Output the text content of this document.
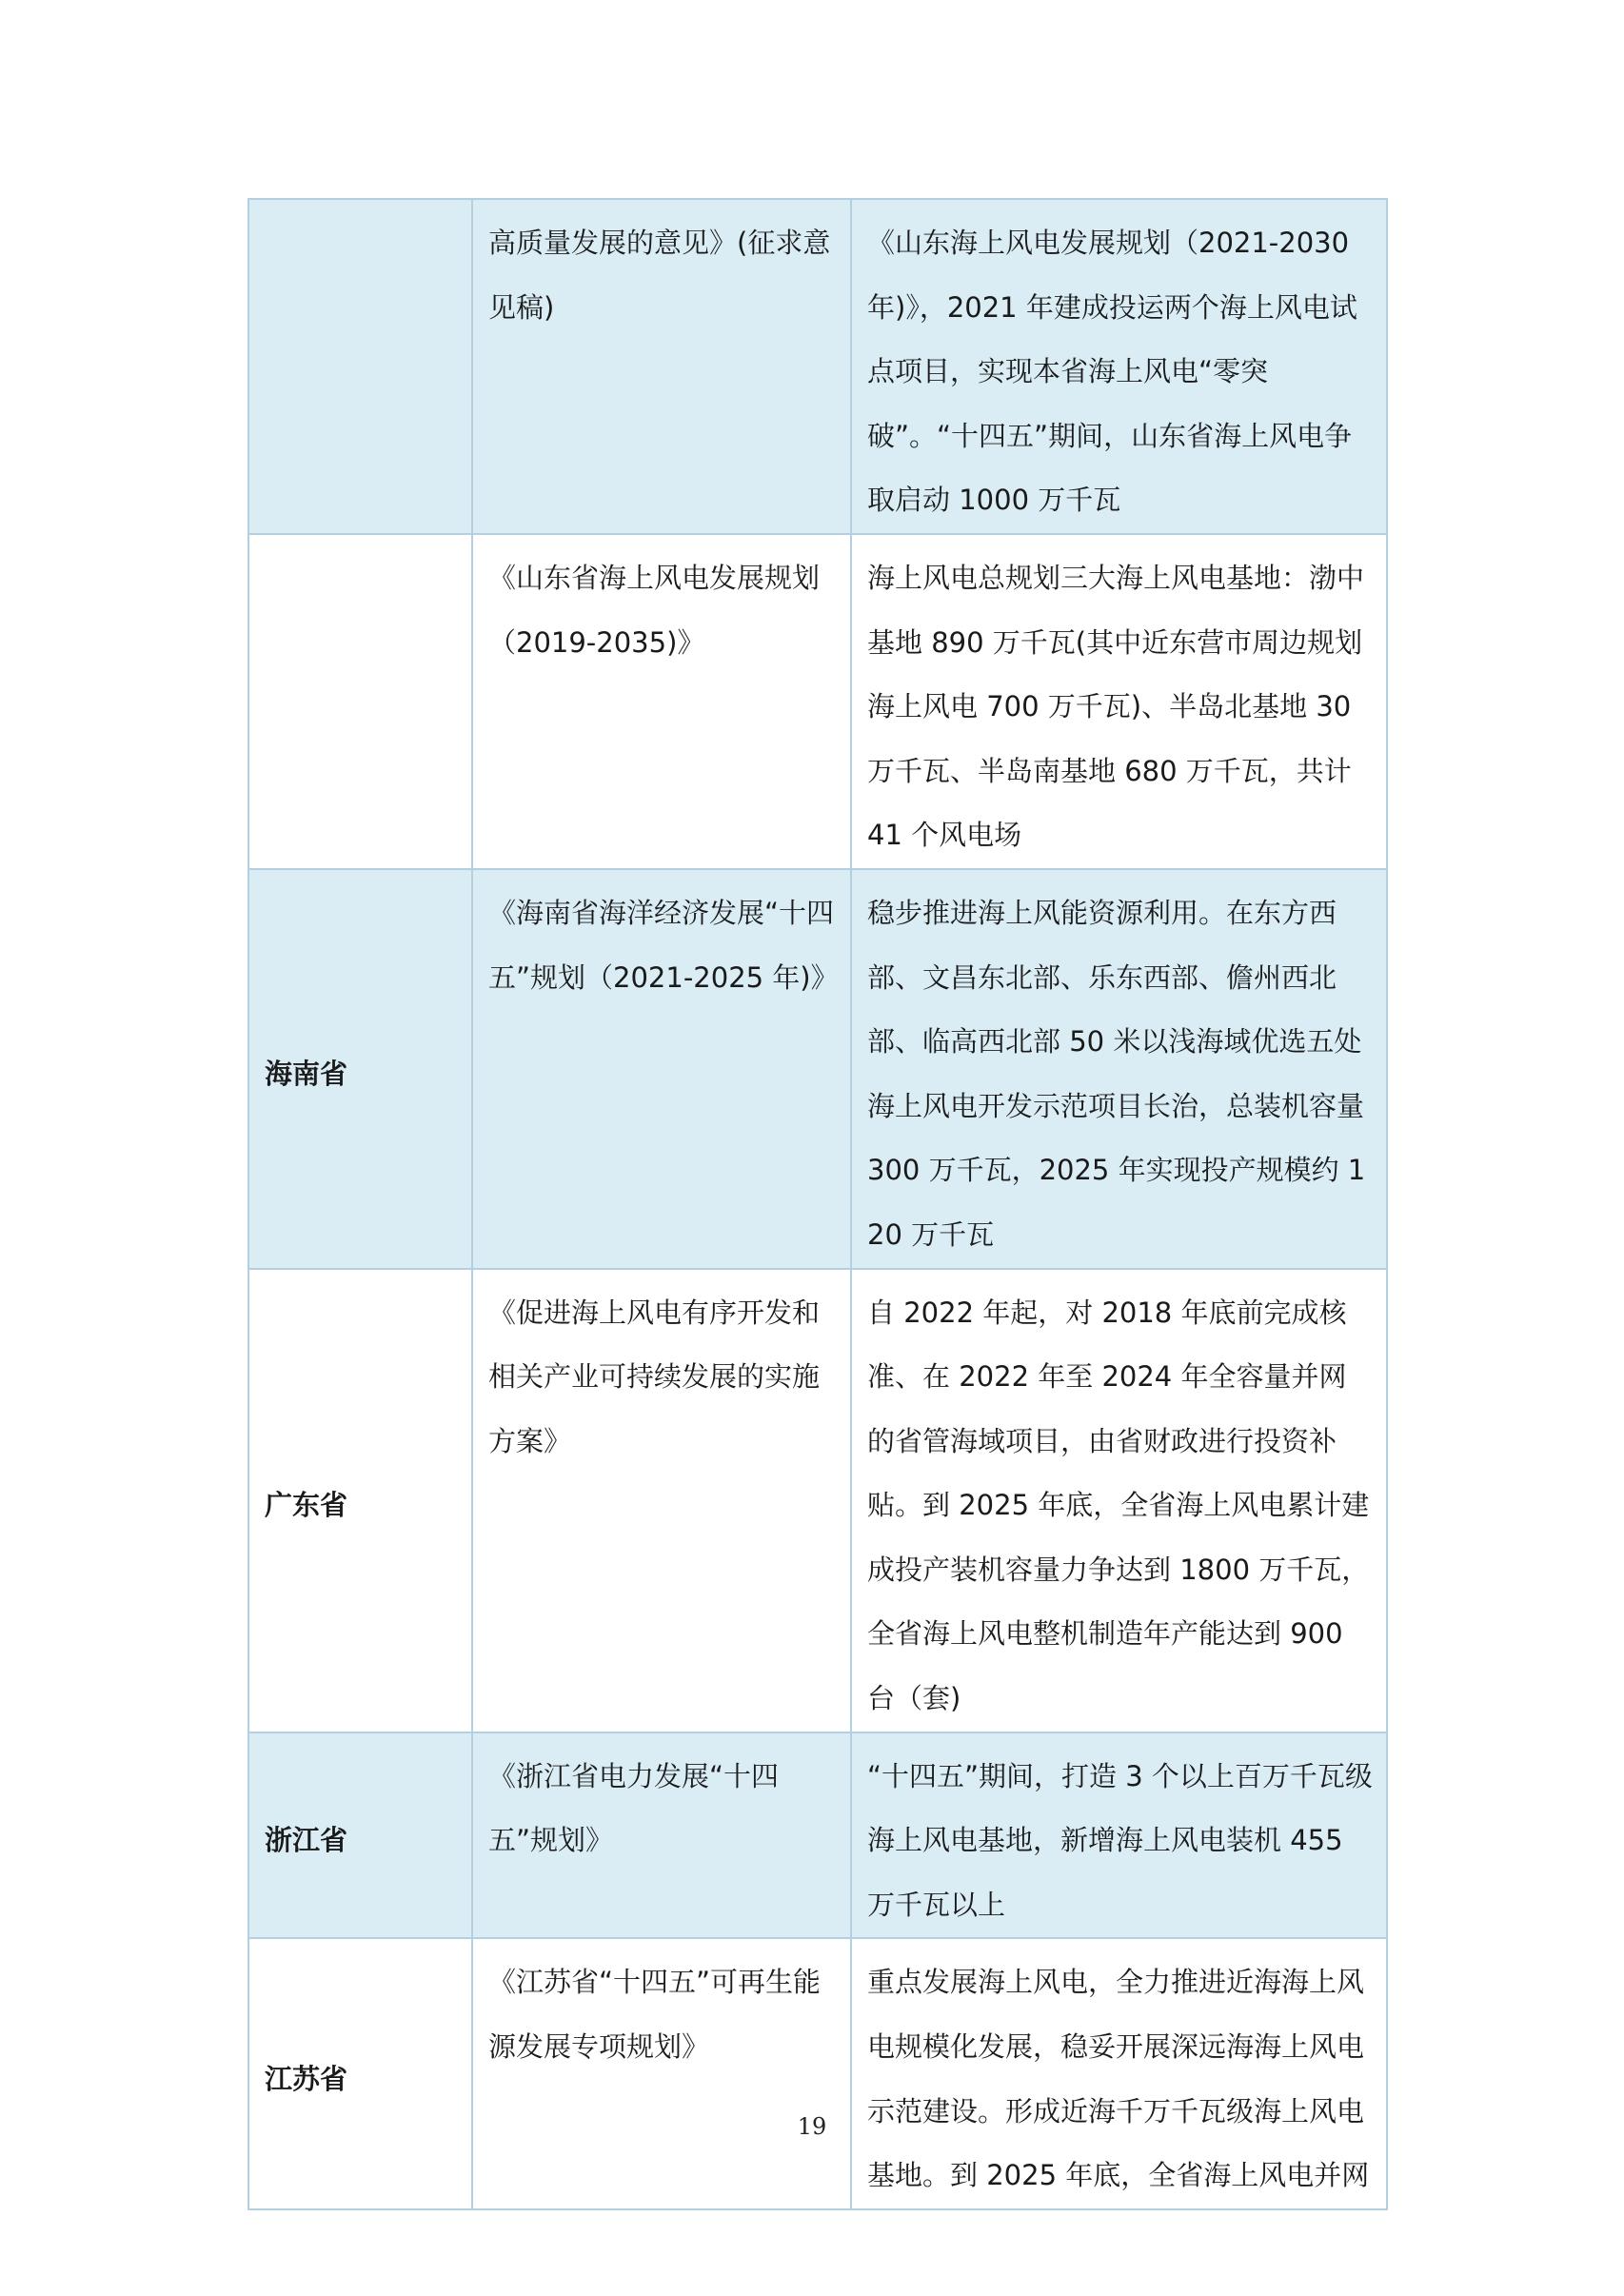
	高质量发展的意见》(征求意见稿)	《山东海上风电发展规划（2021-2030年)》，2021 年建成投运两个海上风电试点项目，实现本省海上风电“零突破”。“十四五”期间，山东省海上风电争取启动 1000 万千瓦
	《山东省海上风电发展规划（2019-2035)》	海上风电总规划三大海上风电基地：渤中基地 890 万千瓦(其中近东营市周边规划海上风电 700 万千瓦)、半岛北基地 30 万千瓦、半岛南基地 680 万千瓦，共计 41 个风电场
海南省	《海南省海洋经济发展“十四五”规划（2021-2025 年)》	稳步推进海上风能资源利用。在东方西部、文昌东北部、乐东西部、儋州西北部、临高西北部 50 米以浅海域优选五处海上风电开发示范项目长治，总装机容量 300 万千瓦，2025 年实现投产规模约 120 万千瓦
广东省	《促进海上风电有序开发和相关产业可持续发展的实施方案》	自 2022 年起，对 2018 年底前完成核准、在 2022 年至 2024 年全容量并网的省管海域项目，由省财政进行投资补贴。到 2025 年底，全省海上风电累计建成投产装机容量力争达到 1800 万千瓦，全省海上风电整机制造年产能达到 900 台（套)
浙江省	《浙江省电力发展“十四五”规划》	“十四五”期间，打造 3 个以上百万千瓦级海上风电基地，新增海上风电装机 455 万千瓦以上
江苏省	《江苏省“十四五”可再生能源发展专项规划》	重点发展海上风电，全力推进近海海上风电规模化发展，稳妥开展深远海海上风电示范建设。形成近海千万千瓦级海上风电基地。到 2025 年底，全省海上风电并网
19
